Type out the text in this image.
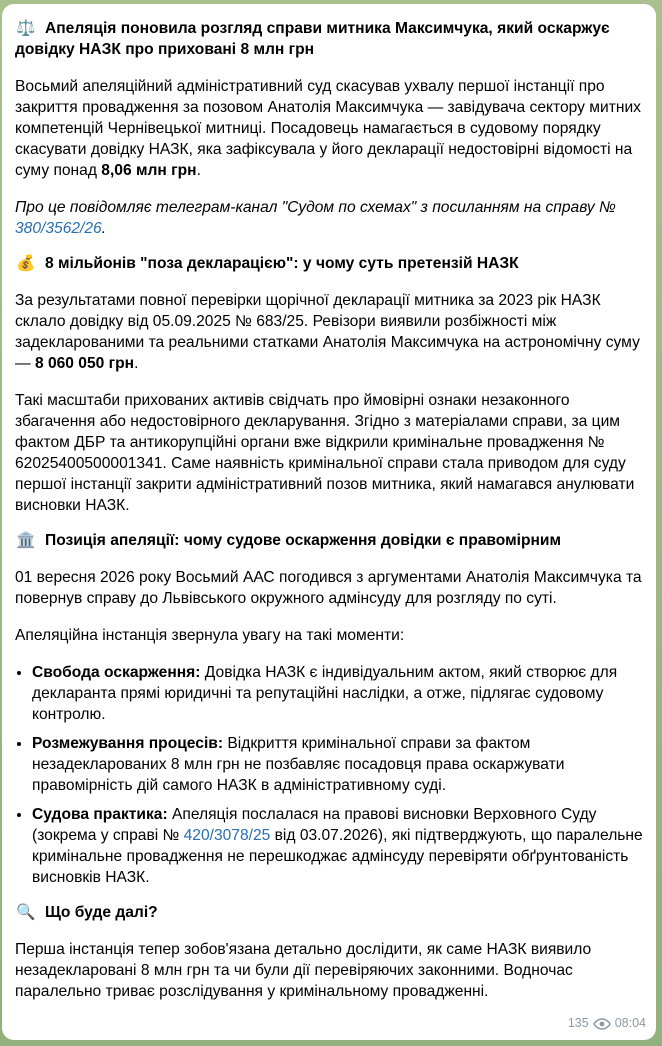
⚖️ Апеляція поновила розгляд справи митника Максимчука, який оскаржує довідку НАЗК про приховані 8 млн грн

Восьмий апеляційний адміністративний суд скасував ухвалу першої інстанції про закриття провадження за позовом Анатолія Максимчука — завідувача сектору митних компетенцій Чернівецької митниці. Посадовець намагається в судовому порядку скасувати довідку НАЗК, яка зафіксувала у його декларації недостовірні відомості на суму понад 8,06 млн грн.

Про це повідомляє телеграм-канал "Судом по схемах" з посиланням на справу № 380/3562/26.

💰 8 мільйонів "поза декларацією": у чому суть претензій НАЗК

За результатами повної перевірки щорічної декларації митника за 2023 рік НАЗК склало довідку від 05.09.2025 № 683/25. Ревізори виявили розбіжності між задекларованими та реальними статками Анатолія Максимчука на астрономічну суму — 8 060 050 грн.

Такі масштаби прихованих активів свідчать про ймовірні ознаки незаконного збагачення або недостовірного декларування. Згідно з матеріалами справи, за цим фактом ДБР та антикорупційні органи вже відкрили кримінальне провадження № 62025400500001341. Саме наявність кримінальної справи стала приводом для суду першої інстанції закрити адміністративний позов митника, який намагався анулювати висновки НАЗК.

🏛️ Позиція апеляції: чому судове оскарження довідки є правомірним

01 вересня 2026 року Восьмий ААС погодився з аргументами Анатолія Максимчука та повернув справу до Львівського окружного адмінсуду для розгляду по суті.

Апеляційна інстанція звернула увагу на такі моменти:

• Свобода оскарження: Довідка НАЗК є індивідуальним актом, який створює для декларанта прямі юридичні та репутаційні наслідки, а отже, підлягає судовому контролю.
• Розмежування процесів: Відкриття кримінальної справи за фактом незадекларованих 8 млн грн не позбавляє посадовця права оскаржувати правомірність дій самого НАЗК в адміністративному суді.
• Судова практика: Апеляція послалася на правові висновки Верховного Суду (зокрема у справі № 420/3078/25 від 03.07.2026), які підтверджують, що паралельне кримінальне провадження не перешкоджає адмінсуду перевіряти обґрунтованість висновків НАЗК.

🔍 Що буде далі?

Перша інстанція тепер зобов'язана детально дослідити, як саме НАЗК виявило незадекларовані 8 млн грн та чи були дії перевіряючих законними. Водночас паралельно триває розслідування у кримінальному провадженні.

135 08:04
